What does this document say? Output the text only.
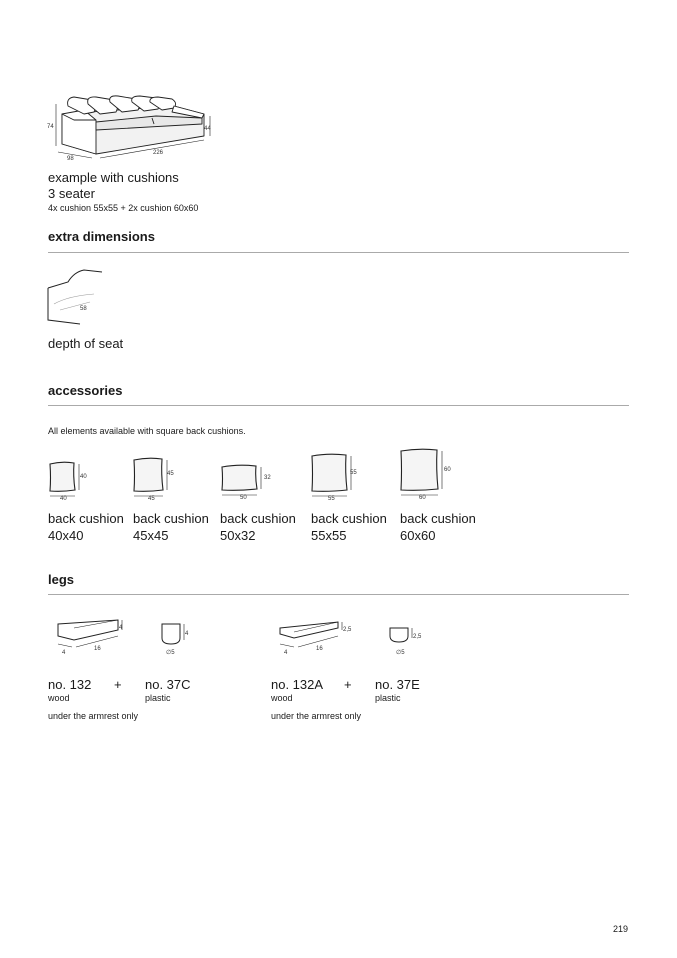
74	44
98
226
example with cushions
3 seater
4x cushion 55x55 + 2x cushion 60x60
extra dimensions
58
depth of seat
accessories
All elements available with square back cushions.
40
40
45
45
32
50
55
55
60
60
back cushion
40x40
back cushion
45x45
back cushion
50x32
back cushion
55x55
back cushion
60x60
legs
4
4
16
4
∅5
2,5
4
16
2,5
∅5
no. 132 + no. 37C	no. 132A + no. 37E
wood	plastic	wood	plastic
under the armrest only	under the armrest only
219
